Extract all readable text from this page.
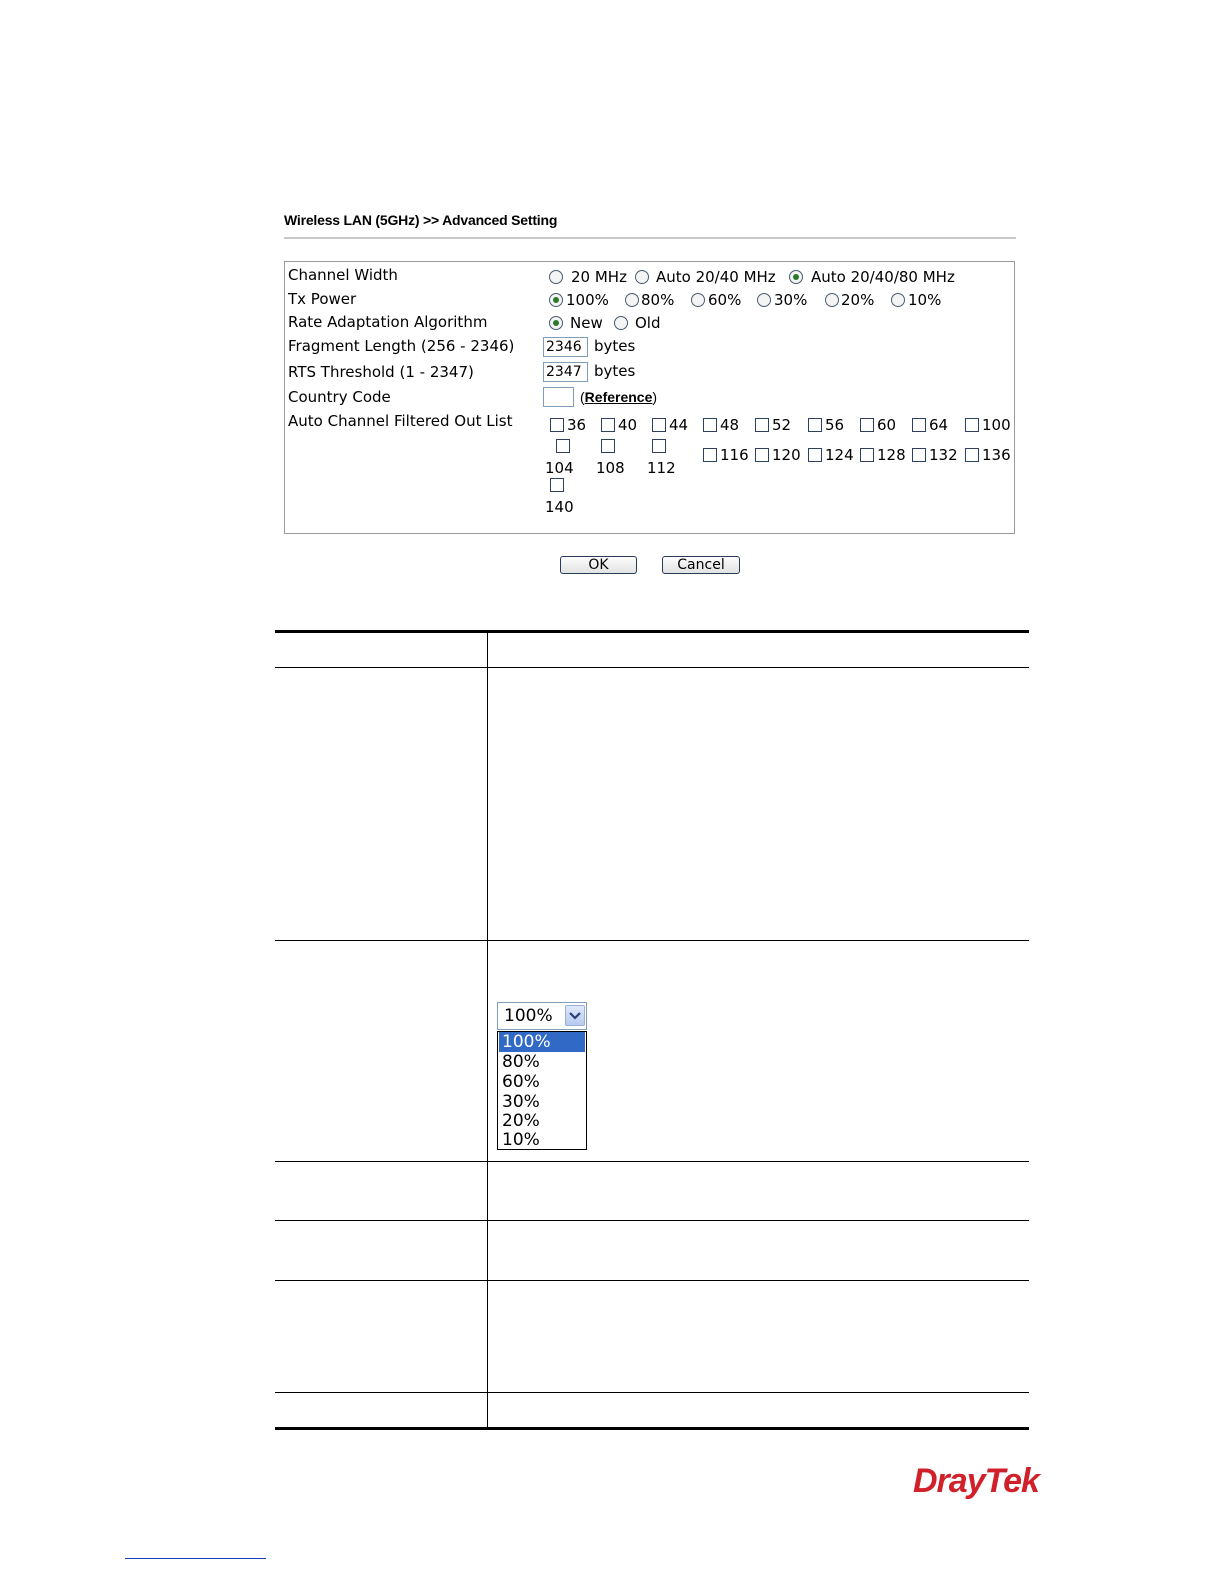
Wireless LAN (5GHz) >> Advanced Setting
Channel Width
Tx Power
Rate Adaptation Algorithm
Fragment Length (256 - 2346)
RTS Threshold (1 - 2347)
Country Code
Auto Channel Filtered Out List
20 MHz Auto 20/40 MHz Auto 20/40/80 MHz
100% 80% 60% 30% 20% 10%
New Old
2346 bytes
2347 bytes
(Reference)
36 40 44 48 52 56 60 64 100
104 108 112
116 120 124 128 132 136
140
OK	Cancel
100%
100%
80%
60%
30%
20%
10%
DrayTek
